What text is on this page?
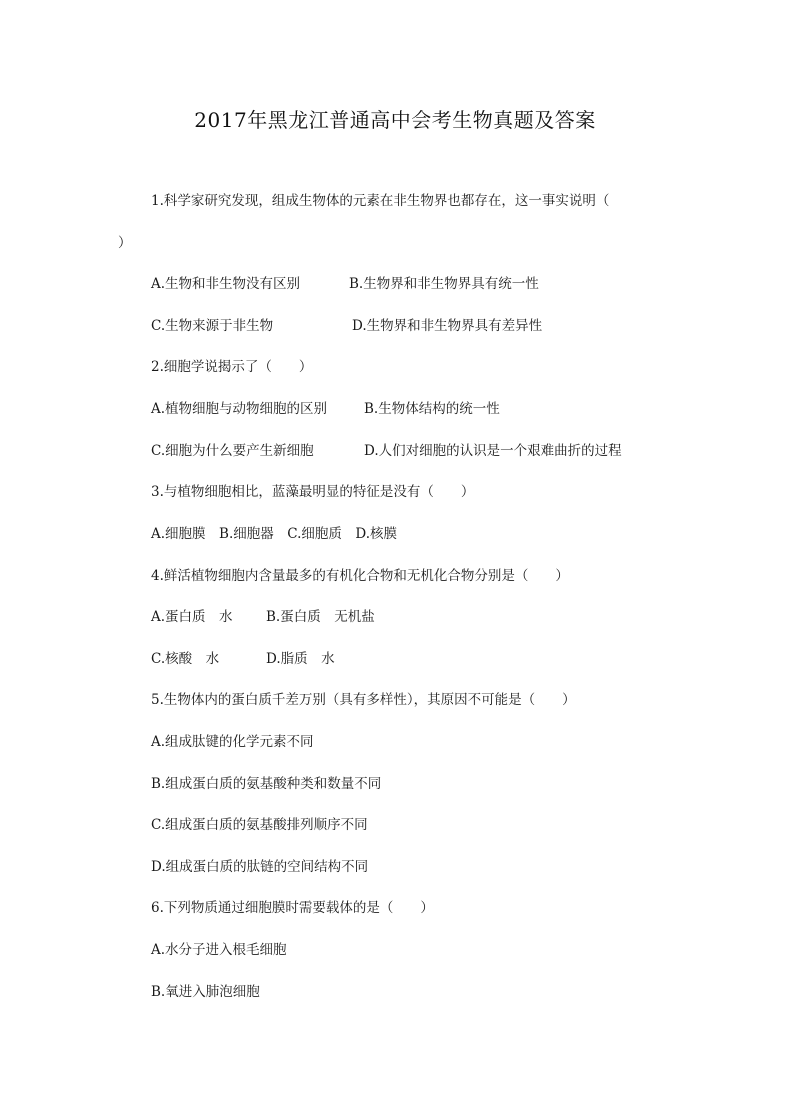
2017年黑龙江普通高中会考生物真题及答案
1.科学家研究发现，组成生物体的元素在非生物界也都存在，这一事实说明（
）
A.生物和非生物没有区别	B.生物界和非生物界具有统一性
C.生物来源于非生物	D.生物界和非生物界具有差异性
2.细胞学说揭示了（　　）
A.植物细胞与动物细胞的区别	B.生物体结构的统一性
C.细胞为什么要产生新细胞	D.人们对细胞的认识是一个艰难曲折的过程
3.与植物细胞相比，蓝藻最明显的特征是没有（　　）
A.细胞膜　B.细胞器　C.细胞质　D.核膜
4.鲜活植物细胞内含量最多的有机化合物和无机化合物分别是（　　）
A.蛋白质　水 B.蛋白质　无机盐
C.核酸　水	D.脂质　水
5.生物体内的蛋白质千差万别（具有多样性），其原因不可能是（　　）
A.组成肽键的化学元素不同
B.组成蛋白质的氨基酸种类和数量不同
C.组成蛋白质的氨基酸排列顺序不同
D.组成蛋白质的肽链的空间结构不同
6.下列物质通过细胞膜时需要载体的是（　　）
A.水分子进入根毛细胞
B.氧进入肺泡细胞
